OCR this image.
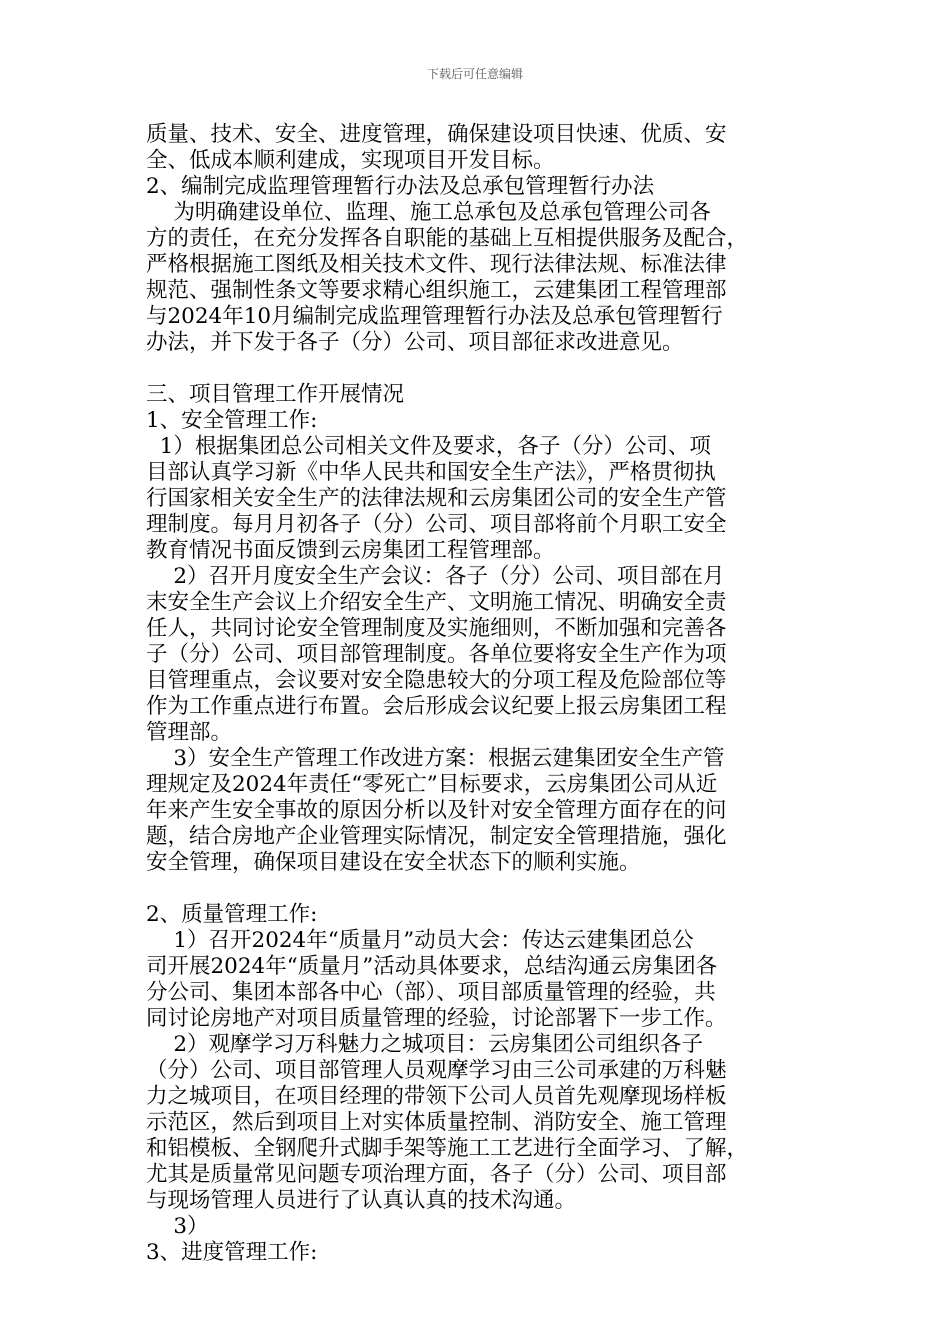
下载后可任意编辑

质量、技术、安全、进度管理，确保建设项目快速、优质、安

全、低成本顺利建成，实现项目开发目标。

2、编制完成监理管理暂行办法及总承包管理暂行办法

为明确建设单位、监理、施工总承包及总承包管理公司各

方的责任，在充分发挥各自职能的基础上互相提供服务及配合，

严格根据施工图纸及相关技术文件、现行法律法规、标准法律

规范、强制性条文等要求精心组织施工，云建集团工程管理部

与2024年10月编制完成监理管理暂行办法及总承包管理暂行

办法，并下发于各子（分）公司、项目部征求改进意见。

三、项目管理工作开展情况

1、安全管理工作:

1）根据集团总公司相关文件及要求，各子（分）公司、项

目部认真学习新《中华人民共和国安全生产法》，严格贯彻执

行国家相关安全生产的法律法规和云房集团公司的安全生产管

理制度。每月月初各子（分）公司、项目部将前个月职工安全

教育情况书面反馈到云房集团工程管理部。

2）召开月度安全生产会议：各子（分）公司、项目部在月

末安全生产会议上介绍安全生产、文明施工情况、明确安全责

任人，共同讨论安全管理制度及实施细则，不断加强和完善各

子（分）公司、项目部管理制度。各单位要将安全生产作为项

目管理重点，会议要对安全隐患较大的分项工程及危险部位等

作为工作重点进行布置。会后形成会议纪要上报云房集团工程

管理部。

3）安全生产管理工作改进方案：根据云建集团安全生产管

理规定及2024年责任“零死亡”目标要求，云房集团公司从近

年来产生安全事故的原因分析以及针对安全管理方面存在的问

题，结合房地产企业管理实际情况，制定安全管理措施，强化

安全管理，确保项目建设在安全状态下的顺利实施。

2、质量管理工作:

1）召开2024年“质量月”动员大会：传达云建集团总公

司开展2024年“质量月”活动具体要求，总结沟通云房集团各

分公司、集团本部各中心（部）、项目部质量管理的经验，共

同讨论房地产对项目质量管理的经验，讨论部署下一步工作。

2）观摩学习万科魅力之城项目：云房集团公司组织各子

（分）公司、项目部管理人员观摩学习由三公司承建的万科魅

力之城项目，在项目经理的带领下公司人员首先观摩现场样板

示范区，然后到项目上对实体质量控制、消防安全、施工管理

和铝模板、全钢爬升式脚手架等施工工艺进行全面学习、了解，

尤其是质量常见问题专项治理方面，各子（分）公司、项目部

与现场管理人员进行了认真认真的技术沟通。

3）

3、进度管理工作:
